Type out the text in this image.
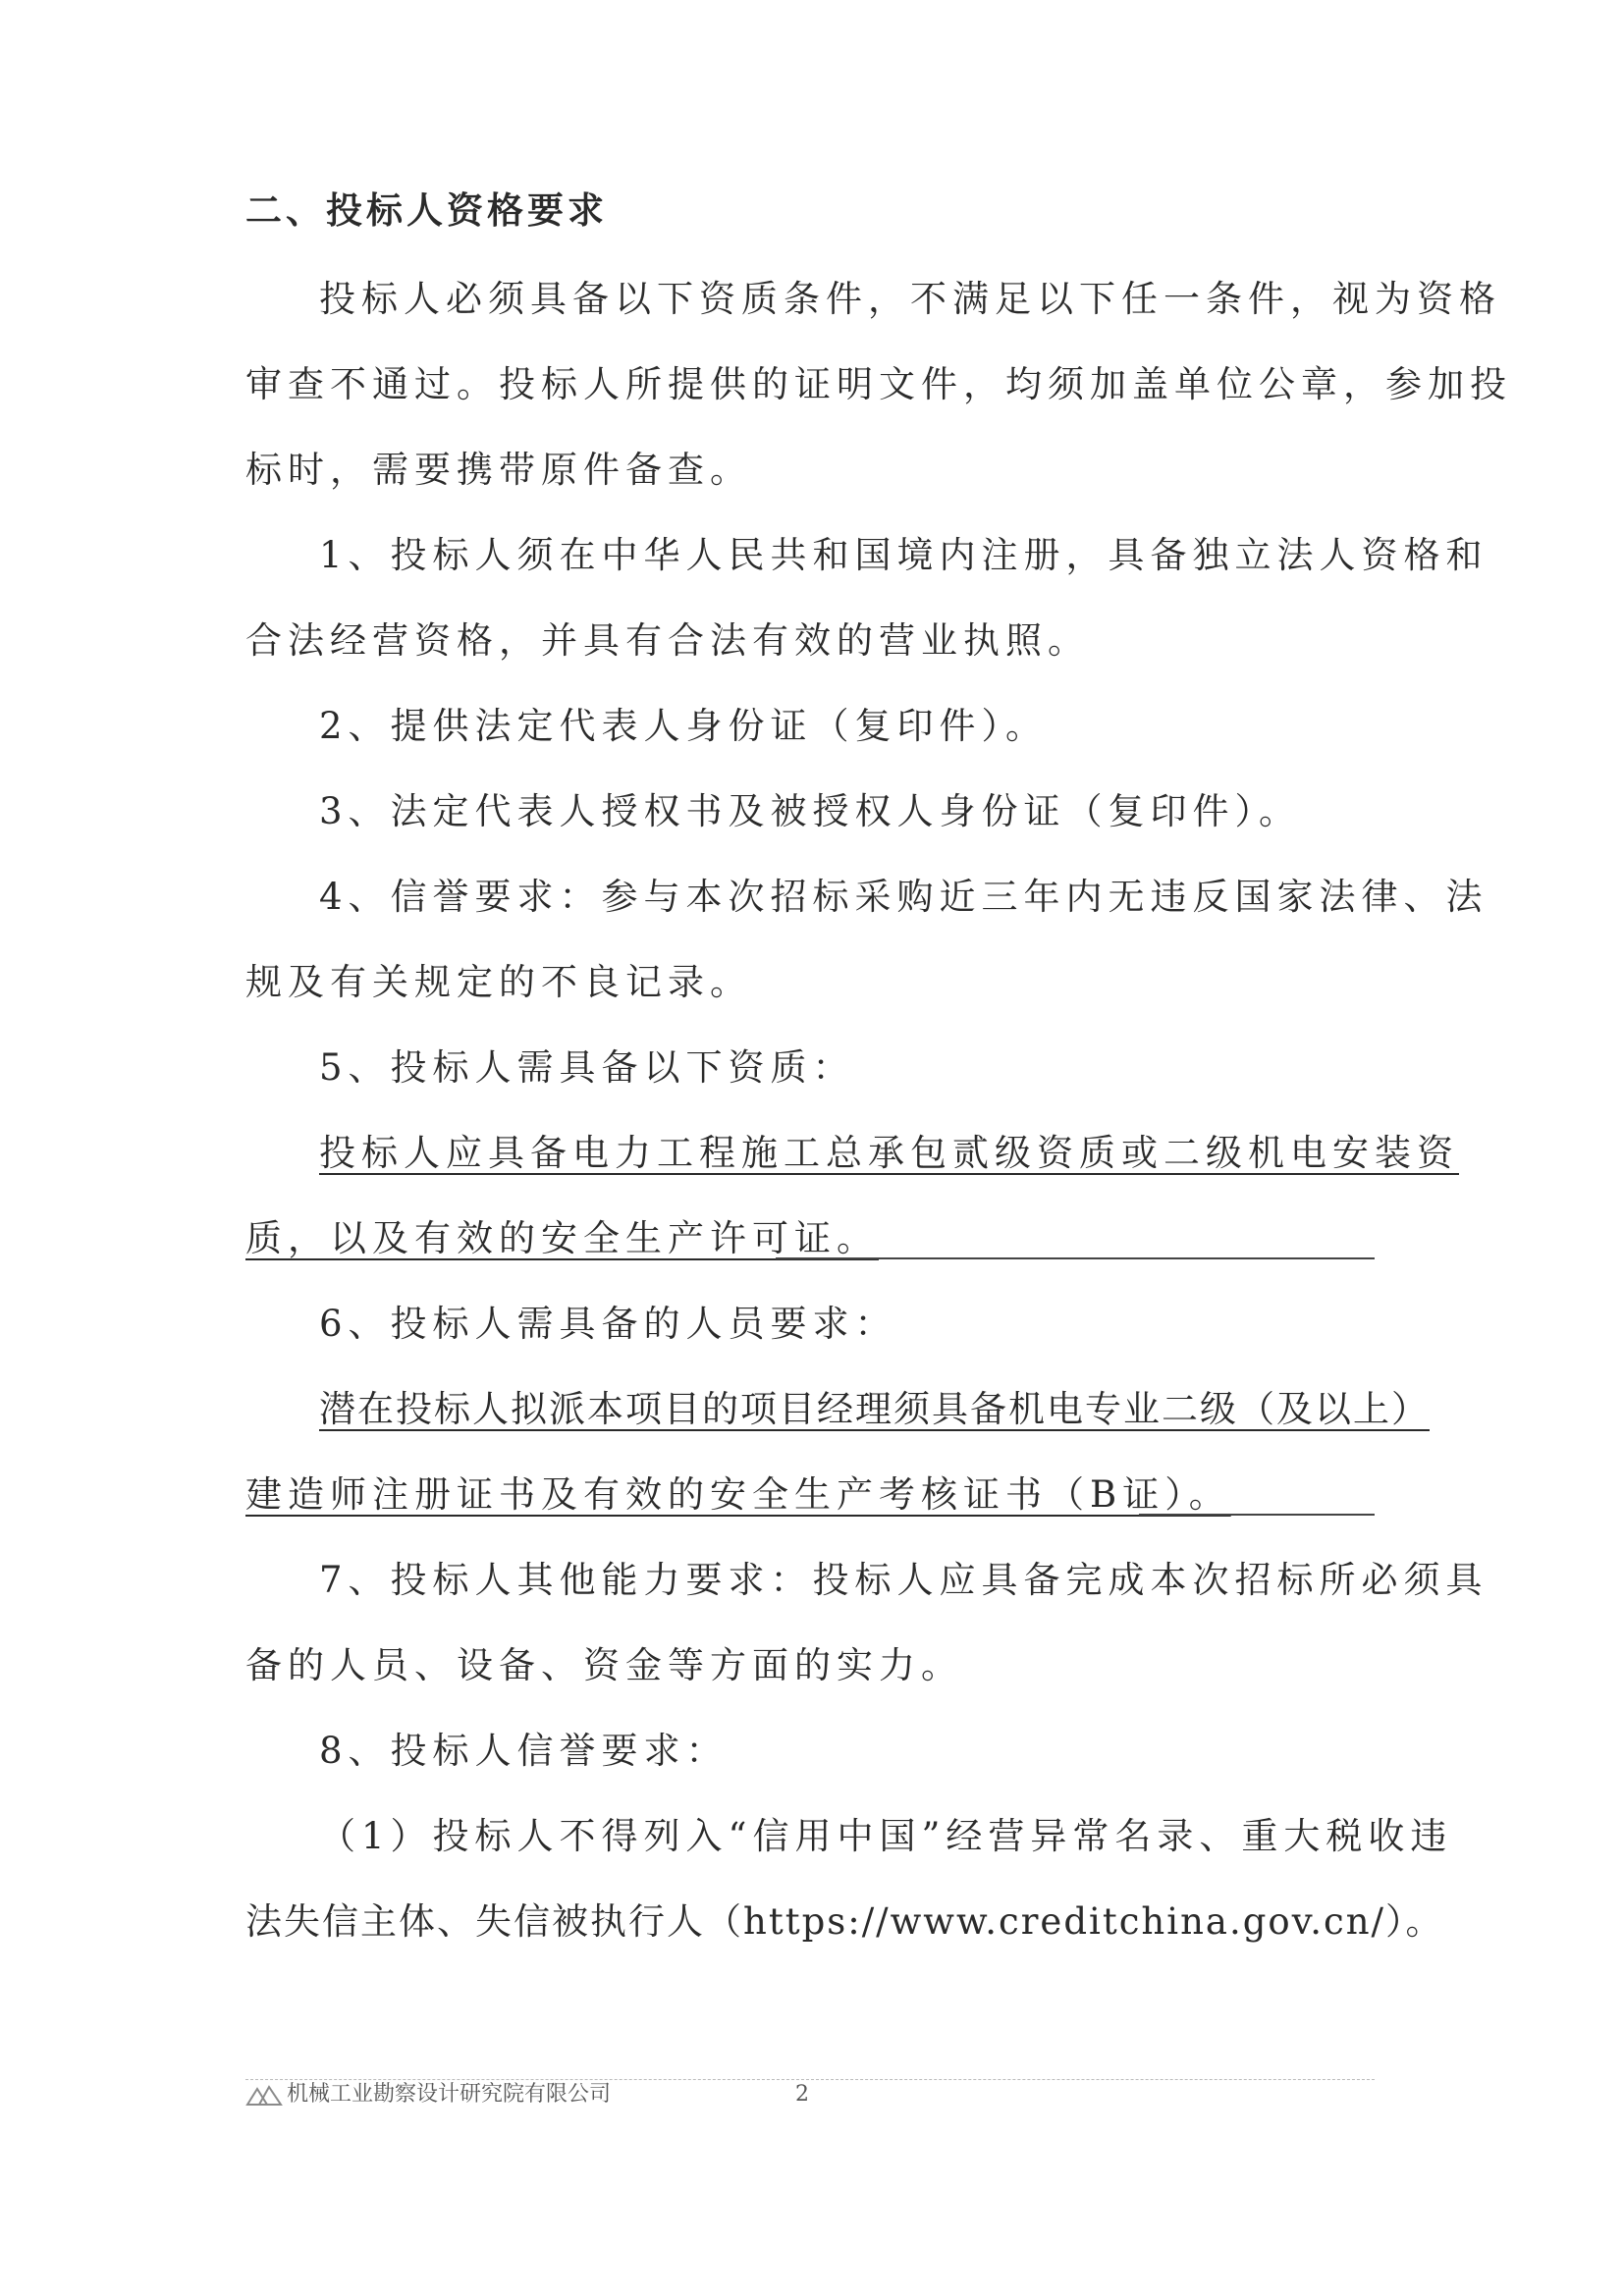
二、投标人资格要求
投标人必须具备以下资质条件，不满足以下任一条件，视为资格
审查不通过。投标人所提供的证明文件，均须加盖单位公章，参加投
标时，需要携带原件备查。
1、投标人须在中华人民共和国境内注册，具备独立法人资格和
合法经营资格，并具有合法有效的营业执照。
2、提供法定代表人身份证（复印件）。
3、法定代表人授权书及被授权人身份证（复印件）。
4、信誉要求：参与本次招标采购近三年内无违反国家法律、法
规及有关规定的不良记录。
5、投标人需具备以下资质：
投标人应具备电力工程施工总承包贰级资质或二级机电安装资
质，以及有效的安全生产许可证。
6、投标人需具备的人员要求：
潜在投标人拟派本项目的项目经理须具备机电专业二级（及以上）
建造师注册证书及有效的安全生产考核证书（B证）。
7、投标人其他能力要求：投标人应具备完成本次招标所必须具
备的人员、设备、资金等方面的实力。
8、投标人信誉要求：
（1）投标人不得列入“信用中国”经营异常名录、重大税收违
法失信主体、失信被执行人（https://www.creditchina.gov.cn/）。
机械工业勘察设计研究院有限公司	2
